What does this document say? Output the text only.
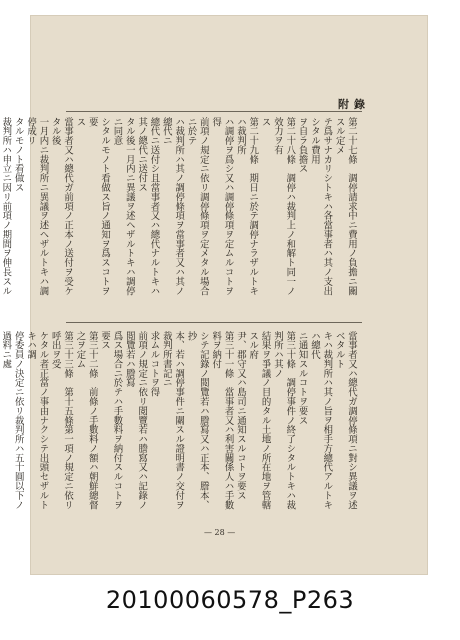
附錄
第二十七條　調停請求中ニ費用ノ負擔ニ關スル定メ
テ爲サナカリシトキハ各當事者ハ其ノ支出シタル費用
ヲ自ラ負擔ス
第二十八條　調停ハ裁判上ノ和解ト同一ノ效力ヲ有
ス
第二十九條　期日ニ於テ調停ナラザルトキハ裁判所
ハ調停ヲ爲シ又ハ調停條項ヲ定ムルコトヲ得
前項ノ規定ニ依リ調停條項ヲ定メタル場合ニ於テ
ハ裁判所ハ其ノ調停條項ヲ當事者又ハ其ノ總代ニ
總代ニ送付シ且當事者又ハ總代ナルトキハ其ノ總代ニ送付ス
タル後一月内ニ異議ヲ述ヘザルトキハ調停ニ同意
シタルモノト看做ス旨ノ通知ヲ爲スコトヲ要
ス
當事者又ハ總代ガ前項ノ正本ノ送付ヲ受ケタル後
一月内ニ裁判所ニ異議ヲ述ヘザルトキハ調停成リ
タルモノト看做ス
裁判所ハ申立ニ因リ前項ノ期間ヲ伸長スル
當事者又ハ總代ガ調停條項ニ對シ異議ヲ述ベタルト
キハ裁判所ハ其ノ旨ヲ相手方總代アルトキハ總代
ニ通知スルコトヲ要ス
第三十條　調停事件ノ終了シタルトキハ裁判所ハ其ノ
結果ヲ爭議ノ目的タル土地ノ所在地ヲ管轄スル府
尹、郡守又ハ島司ニ通知スルコトヲ要ス
第三十一條　當事者又ハ利害關係人ハ手數料ヲ納付
シテ記錄ノ閲覽若ハ謄寫又ハ正本、謄本、抄
本、若ハ調停事件ニ關スル證明書ノ交付ヲ裁判所書記ニ
求ムルコトヲ得
前項ノ規定ニ依リ閲覽若ハ謄寫又ハ記錄ノ閲覽若ハ謄寫
爲ス場合ニ於テハ手數料ヲ納付スルコトヲ要ス
第三十二條　前條ノ手數料ノ額ハ朝鮮總督之ヲ定ム
第三十三條　第十五條第一項ノ規定ニ依リ呼出ヲ受
ケタル者正當ノ事由ナクシテ出頭セザルトキハ調
停委員ノ決定ニ依リ裁判所ハ五十圓以下ノ過料ニ處
— 28 —
20100060578_P263
